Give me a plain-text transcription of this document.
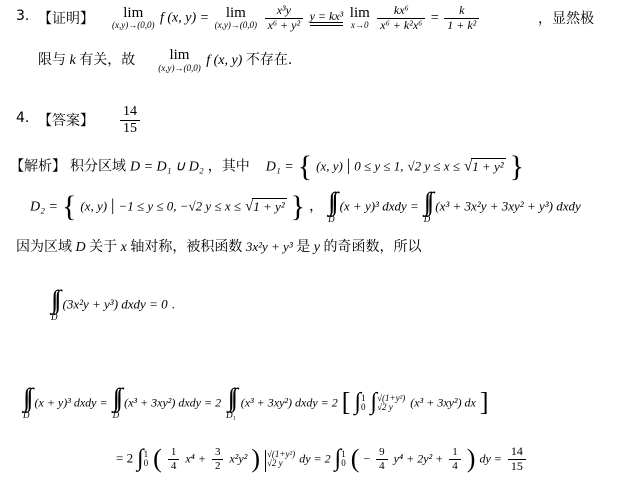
3. 【证明】	lim
(x,y)→(0,0) f (x, y) =	lim
(x,y)→(0,0)
$\frac{\text{x³y}}{\text{x⁶ + y²}}$
y = kx³
lim
x→0
$\frac{\text{kx⁶}}{\text{x⁶ + k²x⁶}} = \frac{k}{\text{1 + k²}}$	，显然极
限与 k 有关，故	lim
(x,y)→(0,0) f (x, y) 不存在.
4. 【答案】 $\frac{14}{15}$
【解析】 积分区域 D = D₁ ∪ D₂ ，其中 D₁ = { (x, y) | 0 ≤ y ≤ 1, √2 y ≤ x ≤ √1 + y² }
D₂ = { (x, y) | −1 ≤ y ≤ 0, −√2 y ≤ x ≤ √1 + y² } ， ∫∫
D
(x + y)³ dxdy = ∫∫
D
(x³ + 3x²y + 3xy² + y³) dxdy
因为区域 D 关于 x 轴对称，被积函数 3x²y + y³ 是 y 的奇函数，所以
∫∫
D
(3x²y + y³) dxdy = 0 .
∫∫
D
(x + y)³ dxdy = ∫∫
D
(x³ + 3xy²) dxdy = 2 ∫∫
D₁
(x³ + 3xy²) dxdy = 2 [ ∫ 1
0 ∫ √(1+y²)
√2 y	(x³ + 3xy²) dx ]
= 2 ∫ 1
0 ( $\frac{1}{4} x^4 + \frac{3}{2} x^2y^2$ ) √(1+y²)
√2 y	dy = 2 ∫ 1
0 ( − $\frac{9}{4} y^4 + 2y^2 + \frac{1}{4}$ ) dy = $\frac{14}{15}$
